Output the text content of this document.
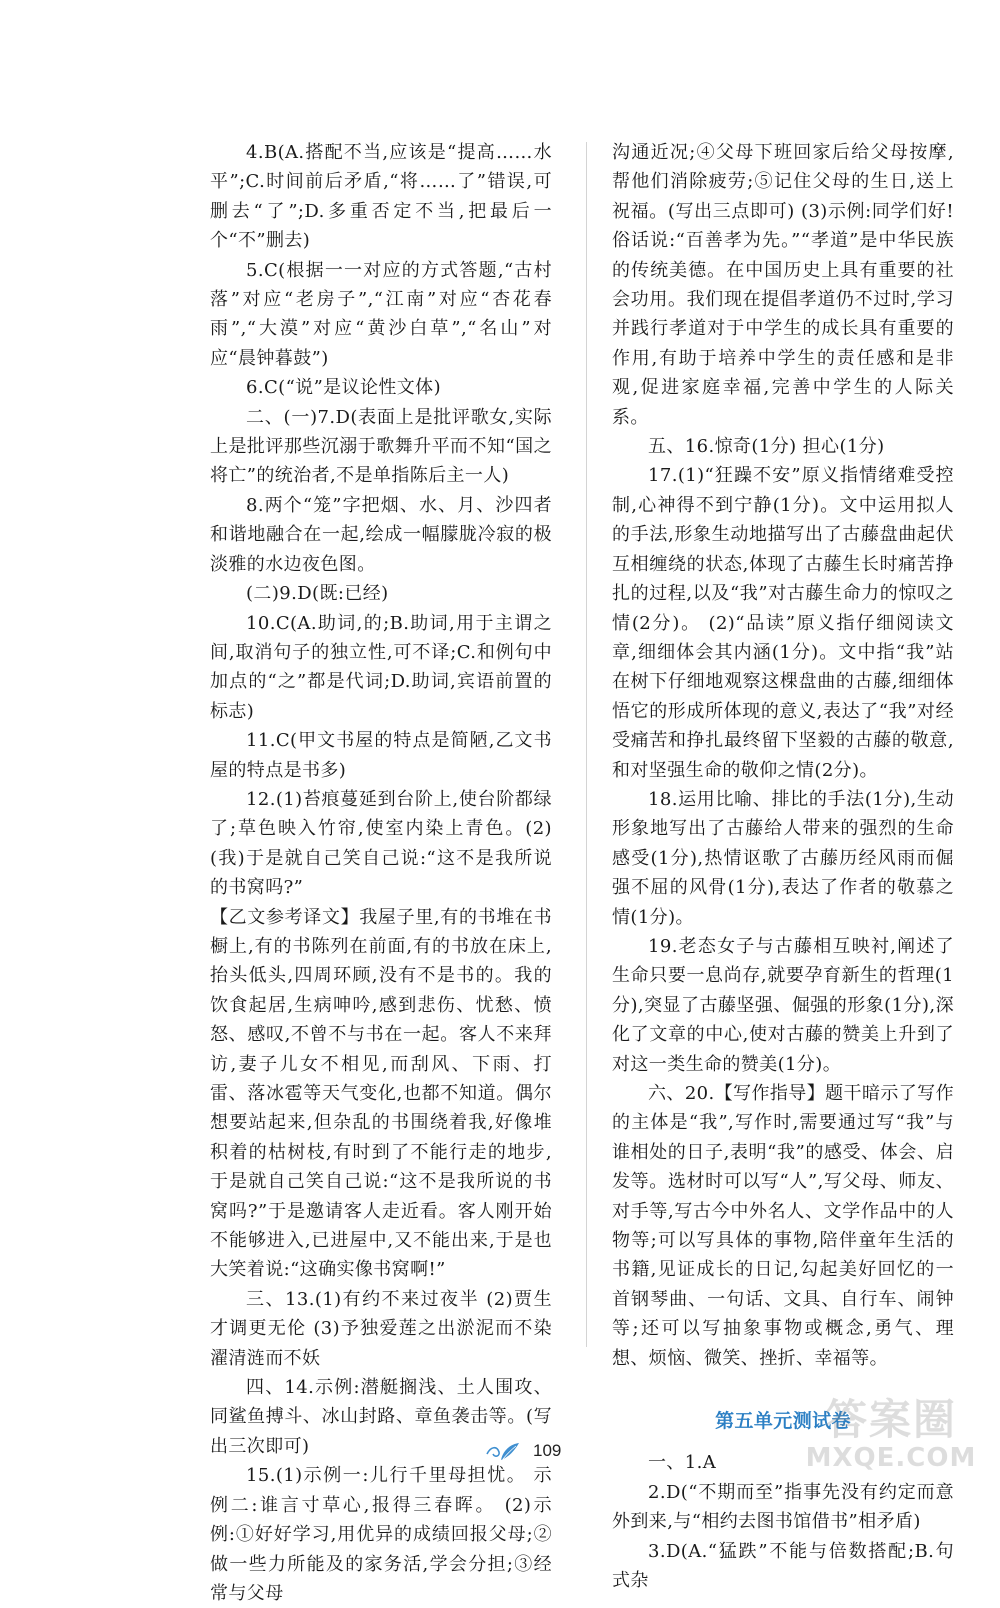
4.B(A.搭配不当,应该是“提高……水平”;C.时间前后矛盾,“将……了”错误,可删去“了”;D.多重否定不当,把最后一个“不”删去)

5.C(根据一一对应的方式答题,“古村落”对应“老房子”,“江南”对应“杏花春雨”,“大漠”对应“黄沙白草”,“名山”对应“晨钟暮鼓”)

6.C(“说”是议论性文体)

二、(一)7.D(表面上是批评歌女,实际上是批评那些沉溺于歌舞升平而不知“国之将亡”的统治者,不是单指陈后主一人)

8.两个“笼”字把烟、水、月、沙四者和谐地融合在一起,绘成一幅朦胧冷寂的极淡雅的水边夜色图。

(二)9.D(既:已经)

10.C(A.助词,的;B.助词,用于主谓之间,取消句子的独立性,可不译;C.和例句中加点的“之”都是代词;D.助词,宾语前置的标志)

11.C(甲文书屋的特点是简陋,乙文书屋的特点是书多)

12.(1)苔痕蔓延到台阶上,使台阶都绿了;草色映入竹帘,使室内染上青色。(2)(我)于是就自己笑自己说:“这不是我所说的书窝吗?”

【乙文参考译文】我屋子里,有的书堆在书橱上,有的书陈列在前面,有的书放在床上,抬头低头,四周环顾,没有不是书的。我的饮食起居,生病呻吟,感到悲伤、忧愁、愤怒、感叹,不曾不与书在一起。客人不来拜访,妻子儿女不相见,而刮风、下雨、打雷、落冰雹等天气变化,也都不知道。偶尔想要站起来,但杂乱的书围绕着我,好像堆积着的枯树枝,有时到了不能行走的地步,于是就自己笑自己说:“这不是我所说的书窝吗?”于是邀请客人走近看。客人刚开始不能够进入,已进屋中,又不能出来,于是也大笑着说:“这确实像书窝啊!”

三、13.(1)有约不来过夜半 (2)贾生才调更无伦 (3)予独爱莲之出淤泥而不染 濯清涟而不妖

四、14.示例:潜艇搁浅、土人围攻、同鲨鱼搏斗、冰山封路、章鱼袭击等。(写出三次即可)

15.(1)示例一:儿行千里母担忧。 示例二:谁言寸草心,报得三春晖。 (2)示例:①好好学习,用优异的成绩回报父母;②做一些力所能及的家务活,学会分担;③经常与父母

沟通近况;④父母下班回家后给父母按摩,帮他们消除疲劳;⑤记住父母的生日,送上祝福。(写出三点即可) (3)示例:同学们好!俗话说:“百善孝为先。”“孝道”是中华民族的传统美德。在中国历史上具有重要的社会功用。我们现在提倡孝道仍不过时,学习并践行孝道对于中学生的成长具有重要的作用,有助于培养中学生的责任感和是非观,促进家庭幸福,完善中学生的人际关系。

五、16.惊奇(1分) 担心(1分)

17.(1)“狂躁不安”原义指情绪难受控制,心神得不到宁静(1分)。文中运用拟人的手法,形象生动地描写出了古藤盘曲起伏互相缠绕的状态,体现了古藤生长时痛苦挣扎的过程,以及“我”对古藤生命力的惊叹之情(2分)。 (2)“品读”原义指仔细阅读文章,细细体会其内涵(1分)。文中指“我”站在树下仔细地观察这棵盘曲的古藤,细细体悟它的形成所体现的意义,表达了“我”对经受痛苦和挣扎最终留下坚毅的古藤的敬意,和对坚强生命的敬仰之情(2分)。

18.运用比喻、排比的手法(1分),生动形象地写出了古藤给人带来的强烈的生命感受(1分),热情讴歌了古藤历经风雨而倔强不屈的风骨(1分),表达了作者的敬慕之情(1分)。

19.老态女子与古藤相互映衬,阐述了生命只要一息尚存,就要孕育新生的哲理(1分),突显了古藤坚强、倔强的形象(1分),深化了文章的中心,使对古藤的赞美上升到了对这一类生命的赞美(1分)。

六、20.【写作指导】题干暗示了写作的主体是“我”,写作时,需要通过写“我”与谁相处的日子,表明“我”的感受、体会、启发等。选材时可以写“人”,写父母、师友、对手等,写古今中外名人、文学作品中的人物等;可以写具体的事物,陪伴童年生活的书籍,见证成长的日记,勾起美好回忆的一首钢琴曲、一句话、文具、自行车、闹钟等;还可以写抽象事物或概念,勇气、理想、烦恼、微笑、挫折、幸福等。

第五单元测试卷

一、1.A

2.D(“不期而至”指事先没有约定而意外到来,与“相约去图书馆借书”相矛盾)

3.D(A.“猛跌”不能与倍数搭配;B.句式杂

109
答案圈
MXQE.COM
